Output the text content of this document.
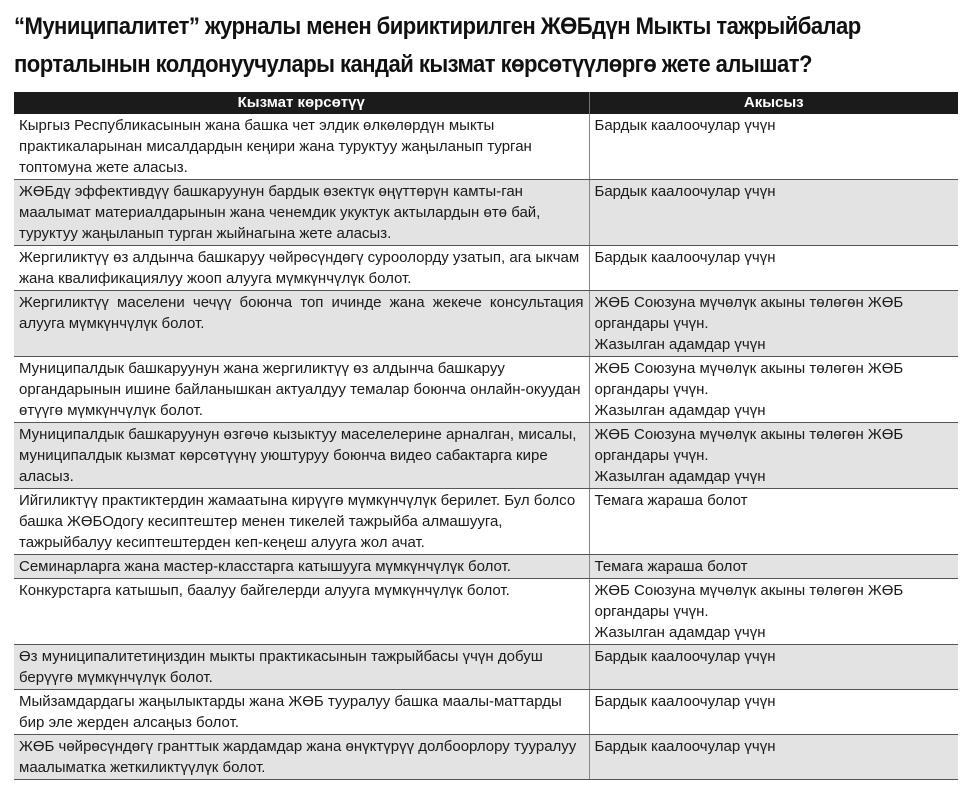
“Муниципалитет” журналы менен бириктирилген ЖӨБдүн Мыкты тажрыйбалар
порталынын колдонуучулары кандай кызмат көрсөтүүлөргө жете алышат?
Кызмат көрсөтүү	Акысыз
Кыргыз Республикасынын жана башка чет элдик өлкөлөрдүн мыкты практикаларынан мисалдардын кеңири жана туруктуу жаңыланып турган топтомуна жете аласыз.	Бардык каалоочулар үчүн

ЖӨБдү эффективдүү башкаруунун бардык өзектүк өңүттөрүн камты-ган маалымат материалдарынын жана ченемдик укуктук актылардын өтө бай, туруктуу жаңыланып турган жыйнагына жете аласыз.	Бардык каалоочулар үчүн

Жергиликтүү өз алдынча башкаруу чөйрөсүндөгү суроолорду узатып, ага ыкчам жана квалификациялуу жооп алууга мүмкүнчүлүк болот.	Бардык каалоочулар үчүн

Жергиликтүү маселени чечүү боюнча топ ичинде жана жекече консультация алууга мүмкүнчүлүк болот.	ЖӨБ Союзуна мүчөлүк акыны төлөгөн ЖӨБ
органдары үчүн.
Жазылган адамдар үчүн

Муниципалдык башкаруунун жана жергиликтүү өз алдынча башкаруу органдарынын ишине байланышкан актуалдуу темалар боюнча онлайн-окуудан өтүүгө мүмкүнчүлүк болот.	ЖӨБ Союзуна мүчөлүк акыны төлөгөн ЖӨБ
органдары үчүн.
Жазылган адамдар үчүн

Муниципалдык башкаруунун өзгөчө кызыктуу маселелерине арналган, мисалы, муниципалдык кызмат көрсөтүүнү уюштуруу боюнча видео сабактарга кире аласыз.	ЖӨБ Союзуна мүчөлүк акыны төлөгөн ЖӨБ
органдары үчүн.
Жазылган адамдар үчүн

Ийгиликтүү практиктердин жамаатына кирүүгө мүмкүнчүлүк берилет. Бул болсо башка ЖӨБОдогу кесиптештер менен тикелей тажрыйба алмашууга, тажрыйбалуу кесиптештерден кеп-кеңеш алууга жол ачат.	Темага жараша болот

Семинарларга жана мастер-класстарга катышууга мүмкүнчүлүк болот.	Темага жараша болот

Конкурстарга катышып, баалуу байгелерди алууга мүмкүнчүлүк болот.	ЖӨБ Союзуна мүчөлүк акыны төлөгөн ЖӨБ
органдары үчүн.
Жазылган адамдар үчүн

Өз муниципалитетиңиздин мыкты практикасынын тажрыйбасы үчүн добуш берүүгө мүмкүнчүлүк болот.	Бардык каалоочулар үчүн

Мыйзамдардагы жаңылыктарды жана ЖӨБ тууралуу башка маалы-маттарды бир эле жерден алсаңыз болот.	Бардык каалоочулар үчүн

ЖӨБ чөйрөсүндөгү гранттык жардамдар жана өнүктүрүү долбоорлору тууралуу маалыматка жеткиликтүүлүк болот.	Бардык каалоочулар үчүн
